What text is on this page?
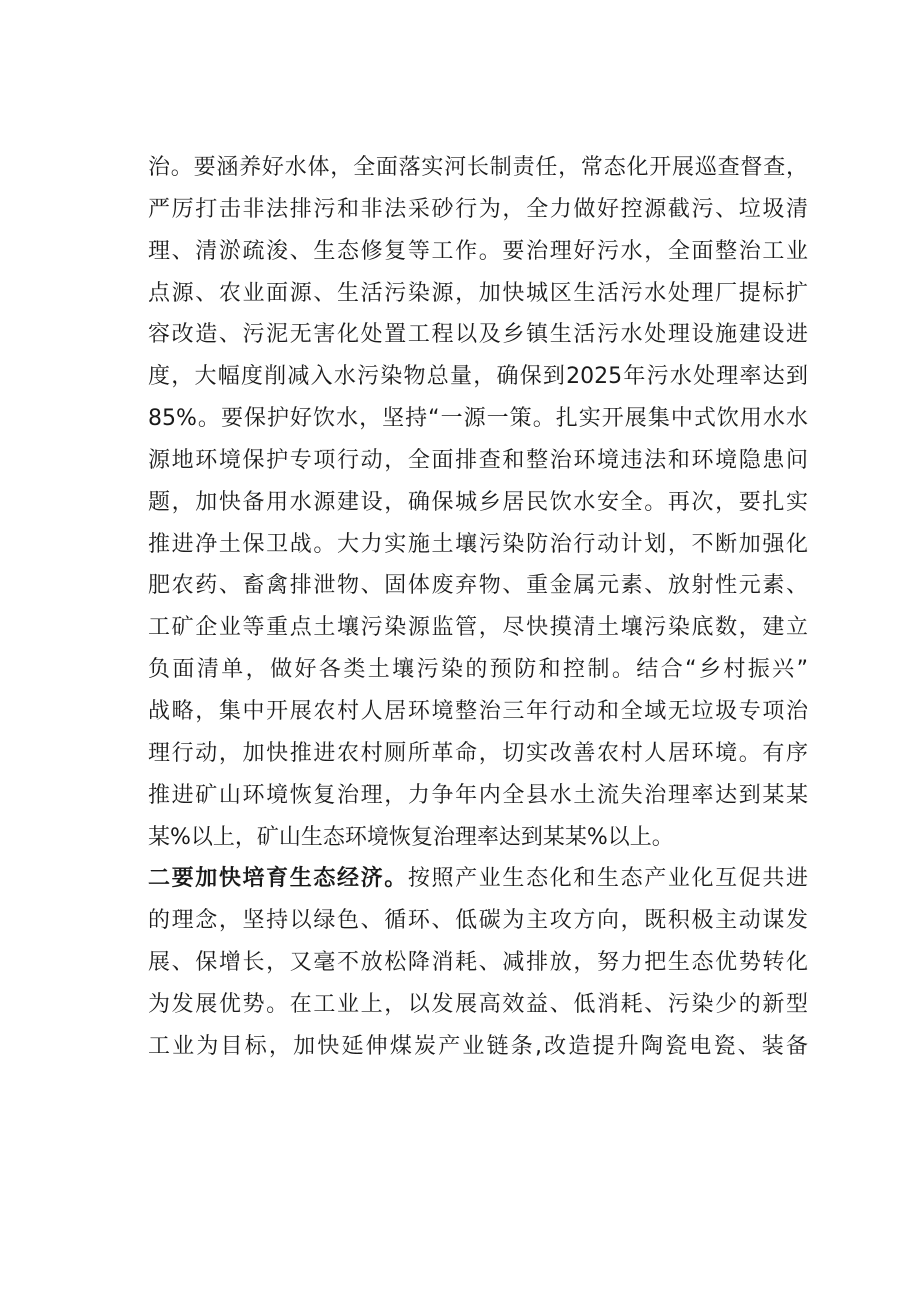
治。要涵养好水体，全面落实河长制责任，常态化开展巡查督查，
严厉打击非法排污和非法采砂行为，全力做好控源截污、垃圾清
理、清淤疏浚、生态修复等工作。要治理好污水，全面整治工业
点源、农业面源、生活污染源，加快城区生活污水处理厂提标扩
容改造、污泥无害化处置工程以及乡镇生活污水处理设施建设进
度，大幅度削减入水污染物总量，确保到2025年污水处理率达到
85%。要保护好饮水，坚持“一源一策。扎实开展集中式饮用水水
源地环境保护专项行动，全面排查和整治环境违法和环境隐患问
题，加快备用水源建设，确保城乡居民饮水安全。再次，要扎实
推进净土保卫战。大力实施土壤污染防治行动计划，不断加强化
肥农药、畜禽排泄物、固体废弃物、重金属元素、放射性元素、
工矿企业等重点土壤污染源监管，尽快摸清土壤污染底数，建立
负面清单，做好各类土壤污染的预防和控制。结合“乡村振兴”
战略，集中开展农村人居环境整治三年行动和全域无垃圾专项治
理行动，加快推进农村厕所革命，切实改善农村人居环境。有序
推进矿山环境恢复治理，力争年内全县水土流失治理率达到某某
某%以上，矿山生态环境恢复治理率达到某某%以上。
二要加快培育生态经济。按照产业生态化和生态产业化互促共进
的理念，坚持以绿色、循环、低碳为主攻方向，既积极主动谋发
展、保增长，又毫不放松降消耗、减排放，努力把生态优势转化
为发展优势。在工业上，以发展高效益、低消耗、污染少的新型
工业为目标，加快延伸煤炭产业链条,改造提升陶瓷电瓷、装备
